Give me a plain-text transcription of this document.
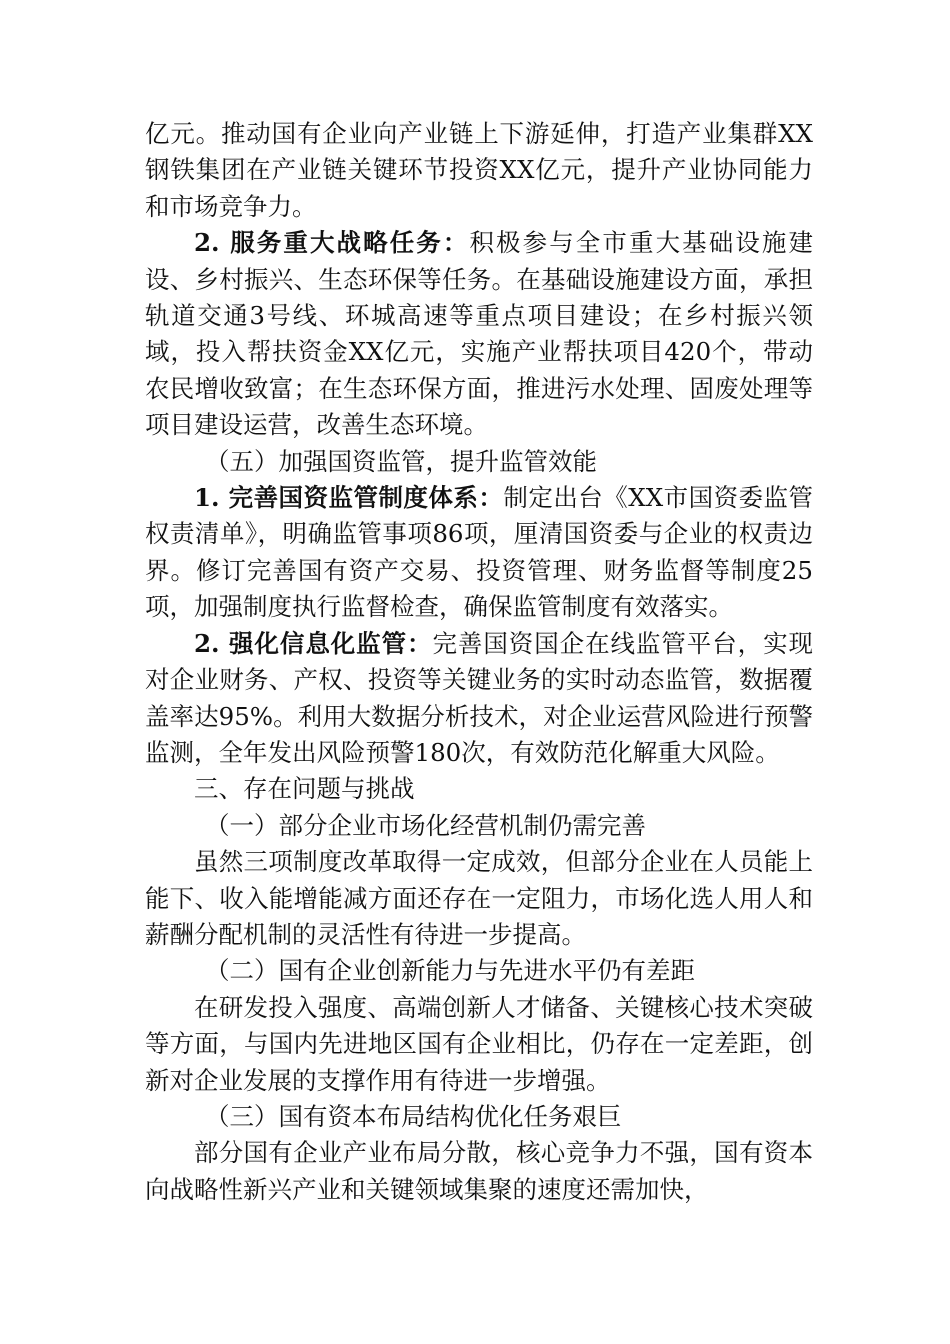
亿元。推动国有企业向产业链上下游延伸，打造产业集群XX钢铁集团在产业链关键环节投资XX亿元，提升产业协同能力和市场竞争力。

2. 服务重大战略任务：积极参与全市重大基础设施建设、乡村振兴、生态环保等任务。在基础设施建设方面，承担轨道交通3号线、环城高速等重点项目建设；在乡村振兴领域，投入帮扶资金XX亿元，实施产业帮扶项目420个，带动农民增收致富；在生态环保方面，推进污水处理、固废处理等项目建设运营，改善生态环境。

（五）加强国资监管，提升监管效能

1. 完善国资监管制度体系：制定出台《XX市国资委监管权责清单》，明确监管事项86项，厘清国资委与企业的权责边界。修订完善国有资产交易、投资管理、财务监督等制度25项，加强制度执行监督检查，确保监管制度有效落实。

2. 强化信息化监管：完善国资国企在线监管平台，实现对企业财务、产权、投资等关键业务的实时动态监管，数据覆盖率达95%。利用大数据分析技术，对企业运营风险进行预警监测，全年发出风险预警180次，有效防范化解重大风险。

三、存在问题与挑战

（一）部分企业市场化经营机制仍需完善

虽然三项制度改革取得一定成效，但部分企业在人员能上能下、收入能增能减方面还存在一定阻力，市场化选人用人和薪酬分配机制的灵活性有待进一步提高。

（二）国有企业创新能力与先进水平仍有差距

在研发投入强度、高端创新人才储备、关键核心技术突破等方面，与国内先进地区国有企业相比，仍存在一定差距，创新对企业发展的支撑作用有待进一步增强。

（三）国有资本布局结构优化任务艰巨

部分国有企业产业布局分散，核心竞争力不强，国有资本向战略性新兴产业和关键领域集聚的速度还需加快，
